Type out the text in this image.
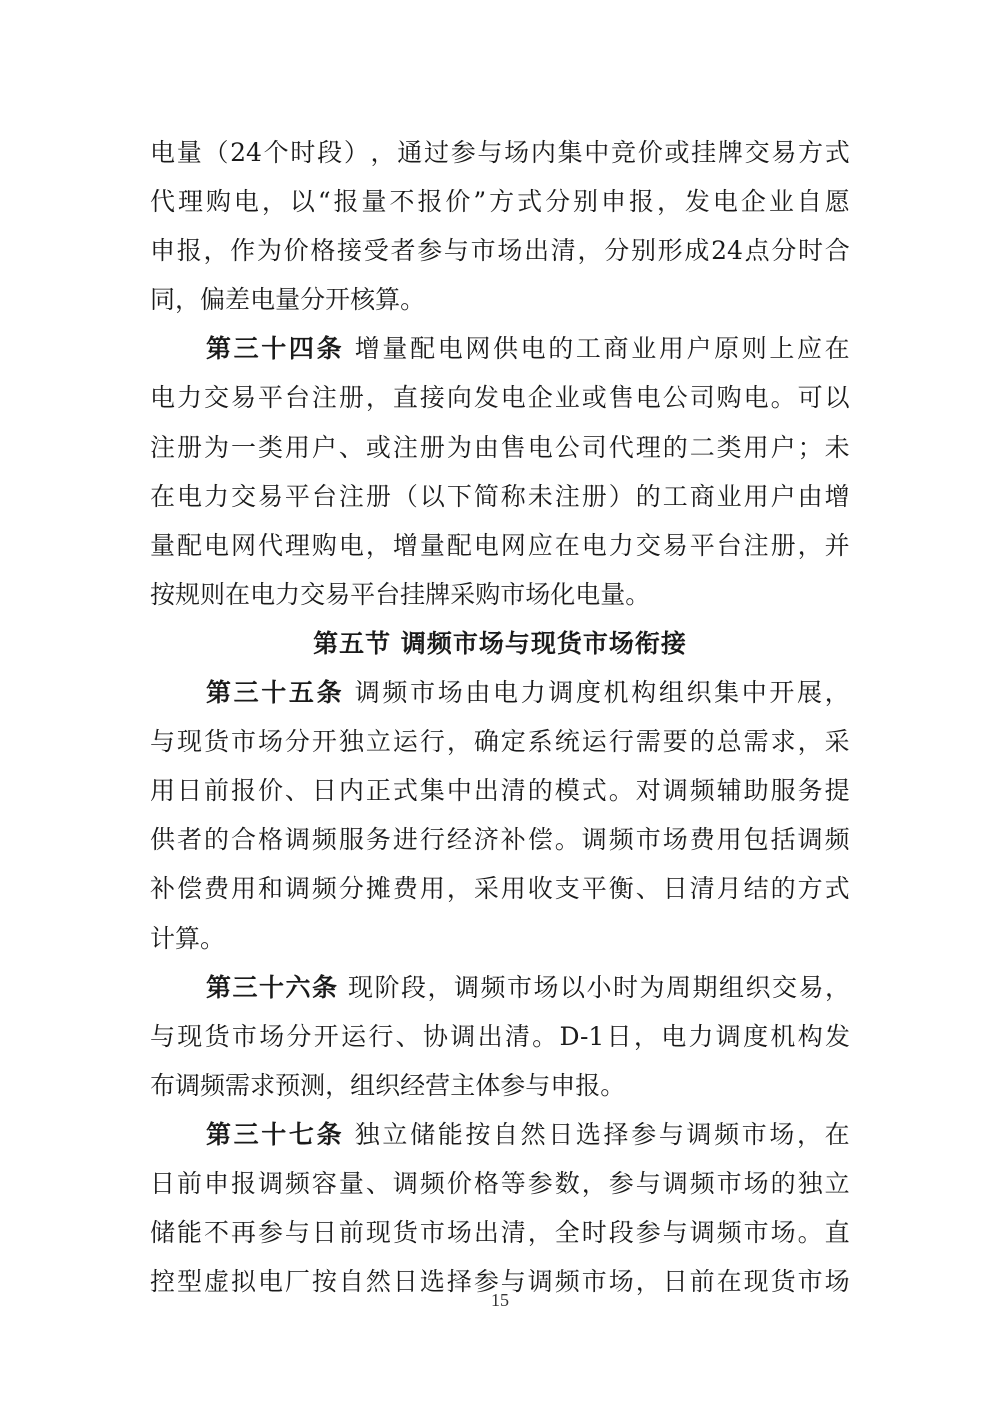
电 量 （ 24 个 时 段 ） ， 通 过 参 与 场 内 集 中 竞 价 或 挂 牌 交 易 方 式
代 理 购 电 ， 以 “ 报 量 不 报 价 ” 方 式 分 别 申 报 ， 发 电 企 业 自 愿
申 报 ， 作 为 价 格 接 受 者 参 与 市 场 出 清 ， 分 别 形 成 24 点 分 时 合
同 ， 偏 差 电 量 分 开 核 算 。
第 三 十 四 条
增 量 配 电 网 供 电 的 工 商 业 用 户 原 则 上 应 在
电 力 交 易 平 台 注 册 ， 直 接 向 发 电 企 业 或 售 电 公 司 购 电 。 可 以
注 册 为 一 类 用 户 、 或 注 册 为 由 售 电 公 司 代 理 的 二 类 用 户 ； 未
在 电 力 交 易 平 台 注 册 （ 以 下 简 称 未 注 册 ） 的 工 商 业 用 户 由 增
量 配 电 网 代 理 购 电 ， 增 量 配 电 网 应 在 电 力 交 易 平 台 注 册 ， 并
按 规 则 在 电 力 交 易 平 台 挂 牌 采 购 市 场 化 电 量 。
第五节 调频市场与现货市场衔接
第 三 十 五 条
调 频 市 场 由 电 力 调 度 机 构 组 织 集 中 开 展 ，
与 现 货 市 场 分 开 独 立 运 行 ， 确 定 系 统 运 行 需 要 的 总 需 求 ， 采
用 日 前 报 价 、 日 内 正 式 集 中 出 清 的 模 式 。 对 调 频 辅 助 服 务 提
供 者 的 合 格 调 频 服 务 进 行 经 济 补 偿 。 调 频 市 场 费 用 包 括 调 频
补 偿 费 用 和 调 频 分 摊 费 用 ， 采 用 收 支 平 衡 、 日 清 月 结 的 方 式
计 算 。
第 三 十 六 条
现 阶 段 ， 调 频 市 场 以 小 时 为 周 期 组 织 交 易 ，
与 现 货 市 场 分 开 运 行 、 协 调 出 清 。 D-1 日 ， 电 力 调 度 机 构 发
布 调 频 需 求 预 测 ， 组 织 经 营 主 体 参 与 申 报 。
第 三 十 七 条
独 立 储 能 按 自 然 日 选 择 参 与 调 频 市 场 ， 在
日 前 申 报 调 频 容 量 、 调 频 价 格 等 参 数 ， 参 与 调 频 市 场 的 独 立
储 能 不 再 参 与 日 前 现 货 市 场 出 清 ， 全 时 段 参 与 调 频 市 场 。 直
控 型 虚 拟 电 厂 按 自 然 日 选 择 参 与 调 频 市 场 ， 日 前 在 现 货 市 场
15
